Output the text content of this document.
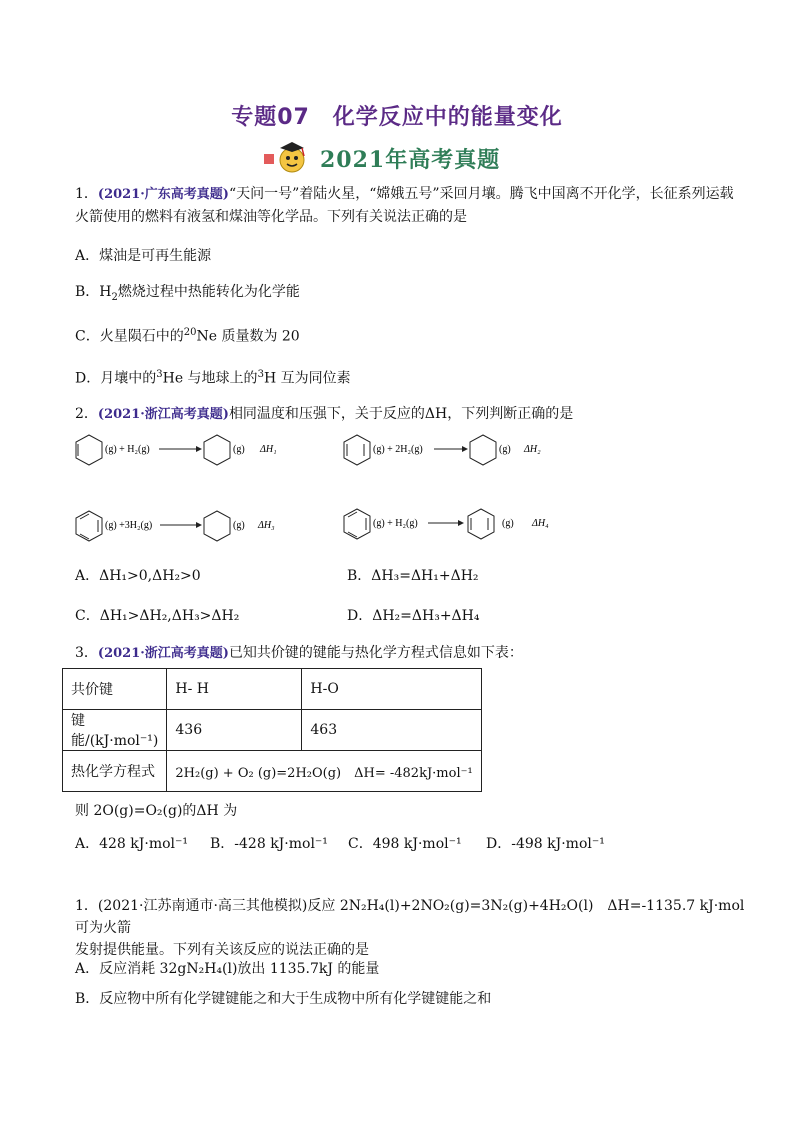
专题07　化学反应中的能量变化
2021年高考真题
1．(2021·广东高考真题)“天问一号”着陆火星，“嫦娥五号”采回月壤。腾飞中国离不开化学，长征系列运载
火箭使用的燃料有液氢和煤油等化学品。下列有关说法正确的是
A．煤油是可再生能源
B．$H_2$燃烧过程中热能转化为化学能
C．火星陨石中的$^{20}$Ne 质量数为 20
D．月壤中的$^3$He 与地球上的$^3$H 互为同位素
2．(2021·浙江高考真题)相同温度和压强下，关于反应的ΔH，下列判断正确的是
(g) + H₂(g)	(g) ΔH₁	(g) + 2H₂(g)	(g) ΔH₂
(g) +3H₂(g)	(g) ΔH₃	(g) + H₂(g)	(g) ΔH₄
A．ΔH₁>0,ΔH₂>0	B．ΔH₃=ΔH₁+ΔH₂
C．ΔH₁>ΔH₂,ΔH₃>ΔH₂	D．ΔH₂=ΔH₃+ΔH₄
3．(2021·浙江高考真题)已知共价键的键能与热化学方程式信息如下表：
共价键	H- H	H-O
键能/(kJ·mol⁻¹)	436	463
热化学方程式	2H₂(g) + O₂ (g)=2H₂O(g)　ΔH= -482kJ·mol⁻¹	
则 2O(g)=O₂(g)的ΔH 为
A．428 kJ·mol⁻¹	B．-428 kJ·mol⁻¹	C．498 kJ·mol⁻¹	D．-498 kJ·mol⁻¹
1．(2021·江苏南通市·高三其他模拟)反应 2N₂H₄(l)+2NO₂(g)=3N₂(g)+4H₂O(l)　ΔH=-1135.7 kJ·mol 可为火箭
发射提供能量。下列有关该反应的说法正确的是
A．反应消耗 32gN₂H₄(l)放出 1135.7kJ 的能量
B．反应物中所有化学键键能之和大于生成物中所有化学键键能之和
